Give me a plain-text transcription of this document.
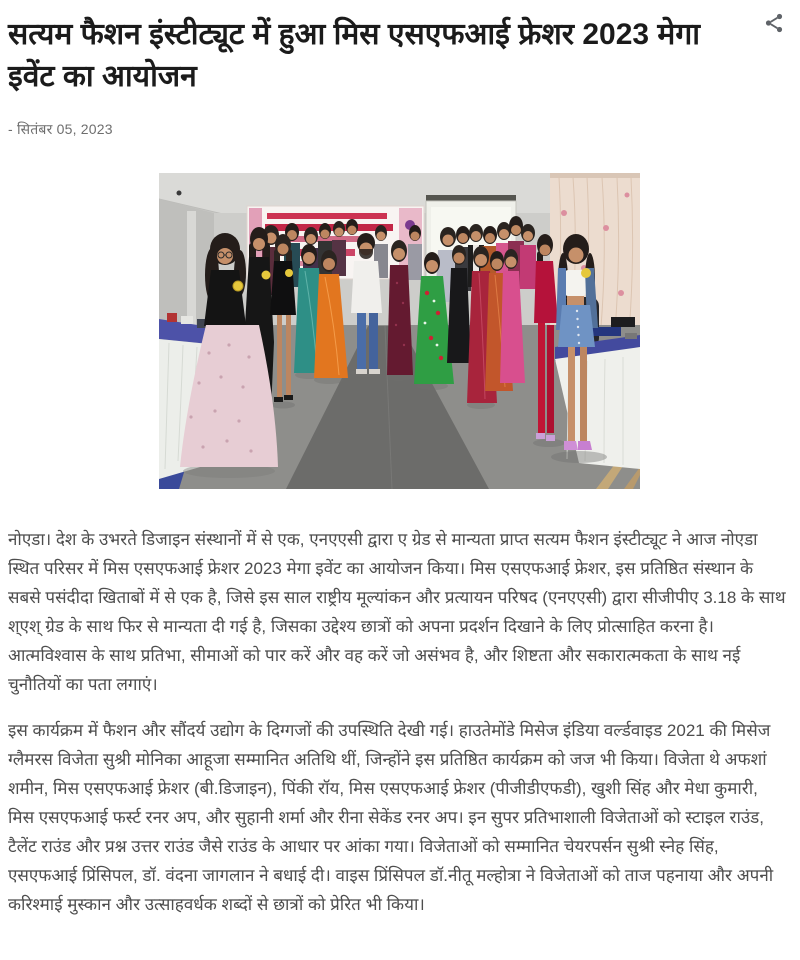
सत्यम फैशन इंस्टीट्यूट में हुआ मिस एसएफआई फ्रेशर 2023 मेगा इवेंट का आयोजन
- सितंबर 05, 2023

नोएडा। देश के उभरते डिजाइन संस्थानों में से एक, एनएएसी द्वारा ए ग्रेड से मान्यता प्राप्त सत्यम फैशन इंस्टीट्यूट ने आज नोएडा स्थित परिसर में मिस एसएफआई फ्रेशर 2023 मेगा इवेंट का आयोजन किया। मिस एसएफआई फ्रेशर, इस प्रतिष्ठित संस्थान के सबसे पसंदीदा खिताबों में से एक है, जिसे इस साल राष्ट्रीय मूल्यांकन और प्रत्यायन परिषद (एनएएसी) द्वारा सीजीपीए 3.18 के साथ श्एश् ग्रेड के साथ फिर से मान्यता दी गई है, जिसका उद्देश्य छात्रों को अपना प्रदर्शन दिखाने के लिए प्रोत्साहित करना है। आत्मविश्वास के साथ प्रतिभा, सीमाओं को पार करें और वह करें जो असंभव है, और शिष्टता और सकारात्मकता के साथ नई चुनौतियों का पता लगाएं।

इस कार्यक्रम में फैशन और सौंदर्य उद्योग के दिग्गजों की उपस्थिति देखी गई। हाउतेमोंडे मिसेज इंडिया वर्ल्डवाइड 2021 की मिसेज ग्लैमरस विजेता सुश्री मोनिका आहूजा सम्मानित अतिथि थीं, जिन्होंने इस प्रतिष्ठित कार्यक्रम को जज भी किया। विजेता थे अफशां शमीन, मिस एसएफआई फ्रेशर (बी.डिजाइन), पिंकी रॉय, मिस एसएफआई फ्रेशर (पीजीडीएफडी), खुशी सिंह और मेधा कुमारी, मिस एसएफआई फर्स्ट रनर अप, और सुहानी शर्मा और रीना सेकेंड रनर अप। इन सुपर प्रतिभाशाली विजेताओं को स्टाइल राउंड, टैलेंट राउंड और प्रश्न उत्तर राउंड जैसे राउंड के आधार पर आंका गया। विजेताओं को सम्मानित चेयरपर्सन सुश्री स्नेह सिंह, एसएफआई प्रिंसिपल, डॉ. वंदना जागलान ने बधाई दी। वाइस प्रिंसिपल डॉ.नीतू मल्होत्रा ने विजेताओं को ताज पहनाया और अपनी करिश्माई मुस्कान और उत्साहवर्धक शब्दों से छात्रों को प्रेरित भी किया।
